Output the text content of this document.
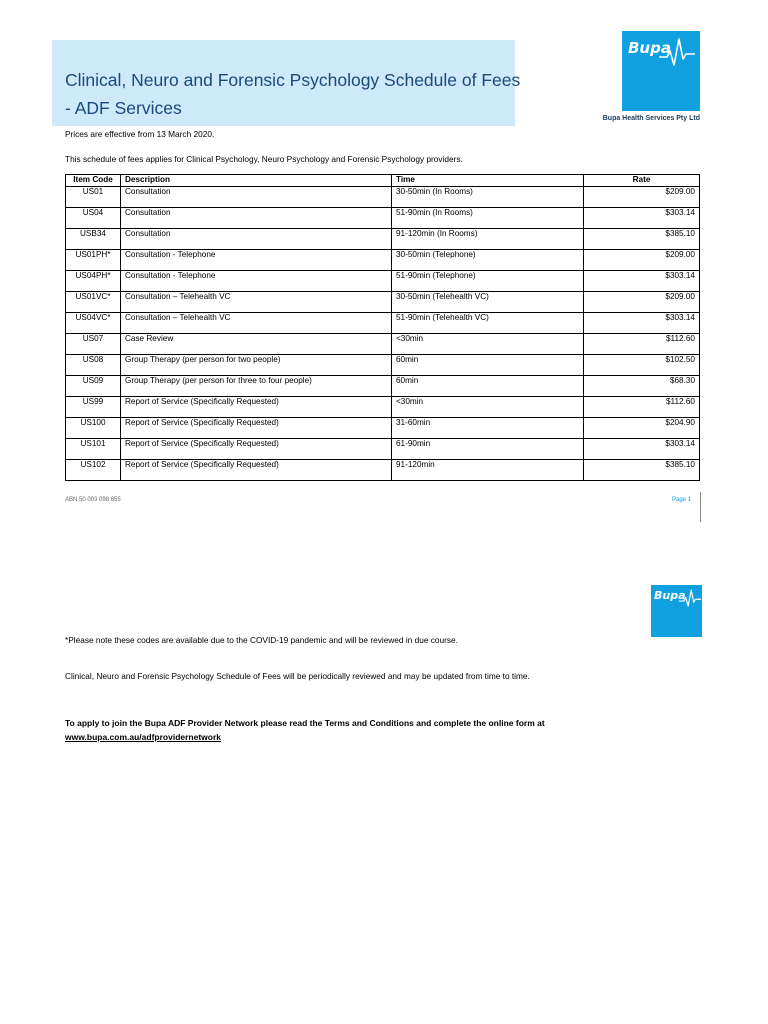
Clinical, Neuro and Forensic Psychology Schedule of Fees
- ADF Services
Bupa
Bupa Health Services Pty Ltd
Prices are effective from 13 March 2020.
This schedule of fees applies for Clinical Psychology, Neuro Psychology and Forensic Psychology providers.
Item Code	Description	Time	Rate
US01	Consultation	30-50min (In Rooms)	$209.00
US04	Consultation	51-90min (In Rooms)	$303.14
USB34	Consultation	91-120min (In Rooms)	$385.10
US01PH*	Consultation - Telephone	30-50min (Telephone)	$209.00
US04PH*	Consultation - Telephone	51-90min (Telephone)	$303.14
US01VC*	Consultation – Telehealth VC	30-50min (Telehealth VC)	$209.00
US04VC*	Consultation – Telehealth VC	51-90min (Telehealth VC)	$303.14
US07	Case Review	<30min	$112.60
US08	Group Therapy (per person for two people)	60min	$102.50
US09	Group Therapy (per person for three to four people)	60min	$68.30
US99	Report of Service (Specifically Requested)	<30min	$112.60
US100	Report of Service (Specifically Requested)	31-60min	$204.90
US101	Report of Service (Specifically Requested)	61-90min	$303.14
US102	Report of Service (Specifically Requested)	91-120min	$385.10
ABN 50 003 098 655	Page 1
Bupa
*Please note these codes are available due to the COVID-19 pandemic and will be reviewed in due course.
Clinical, Neuro and Forensic Psychology Schedule of Fees will be periodically reviewed and may be updated from time to time.
To apply to join the Bupa ADF Provider Network please read the Terms and Conditions and complete the online form at
www.bupa.com.au/adfprovidernetwork
